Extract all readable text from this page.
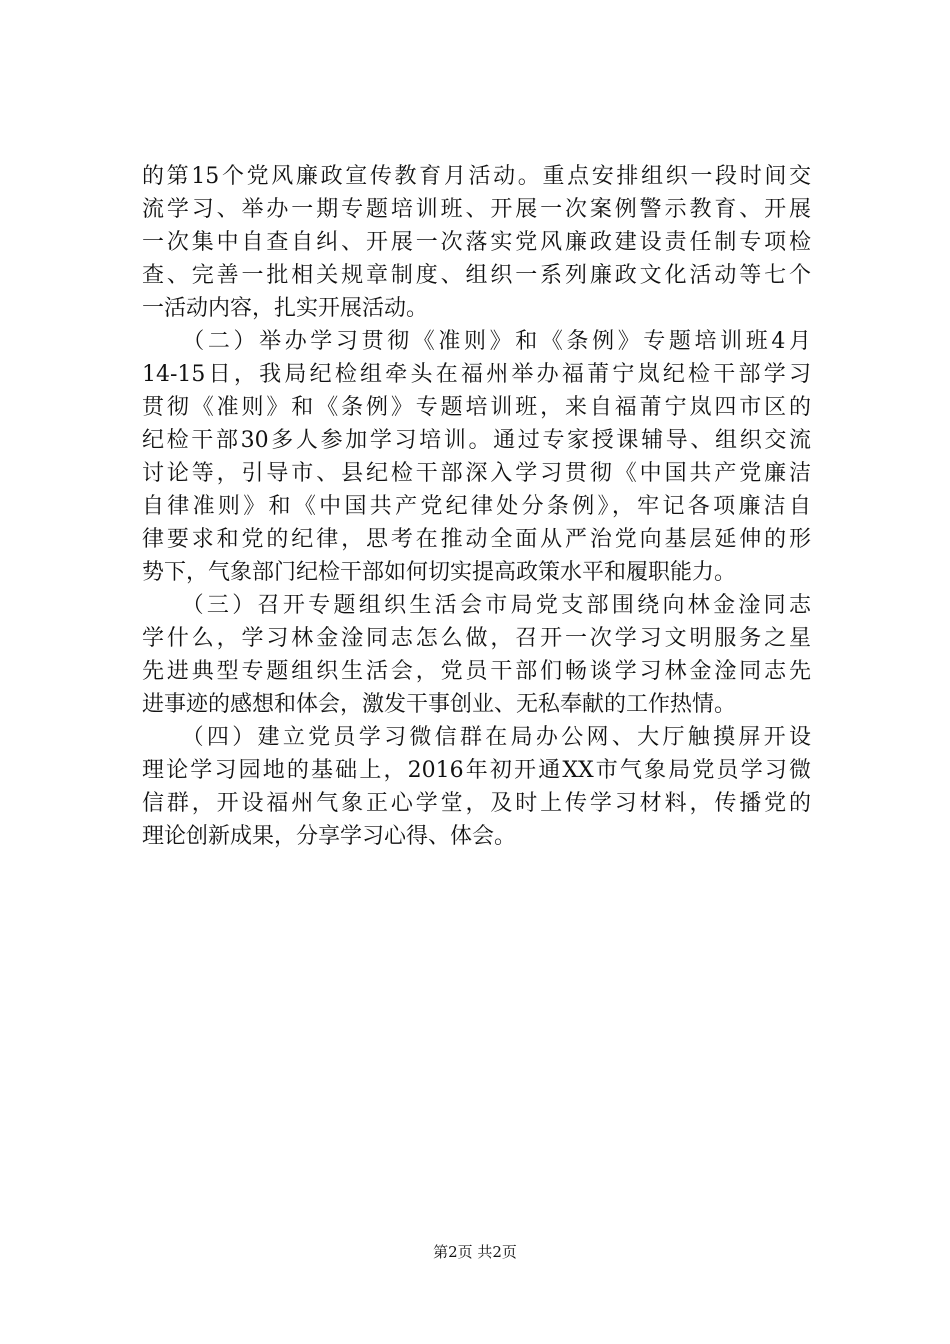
的第15个党风廉政宣传教育月活动。重点安排组织一段时间交
流学习、举办一期专题培训班、开展一次案例警示教育、开展
一次集中自查自纠、开展一次落实党风廉政建设责任制专项检
查、完善一批相关规章制度、组织一系列廉政文化活动等七个
一活动内容，扎实开展活动。
　　（二）举办学习贯彻《准则》和《条例》专题培训班4月
14-15日，我局纪检组牵头在福州举办福莆宁岚纪检干部学习
贯彻《准则》和《条例》专题培训班，来自福莆宁岚四市区的
纪检干部30多人参加学习培训。通过专家授课辅导、组织交流
讨论等，引导市、县纪检干部深入学习贯彻《中国共产党廉洁
自律准则》和《中国共产党纪律处分条例》，牢记各项廉洁自
律要求和党的纪律，思考在推动全面从严治党向基层延伸的形
势下，气象部门纪检干部如何切实提高政策水平和履职能力。
　　（三）召开专题组织生活会市局党支部围绕向林金淦同志
学什么，学习林金淦同志怎么做，召开一次学习文明服务之星
先进典型专题组织生活会，党员干部们畅谈学习林金淦同志先
进事迹的感想和体会，激发干事创业、无私奉献的工作热情。
　　（四）建立党员学习微信群在局办公网、大厅触摸屏开设
理论学习园地的基础上，2016年初开通XX市气象局党员学习微
信群，开设福州气象正心学堂，及时上传学习材料，传播党的
理论创新成果，分享学习心得、体会。
第2页 共2页
